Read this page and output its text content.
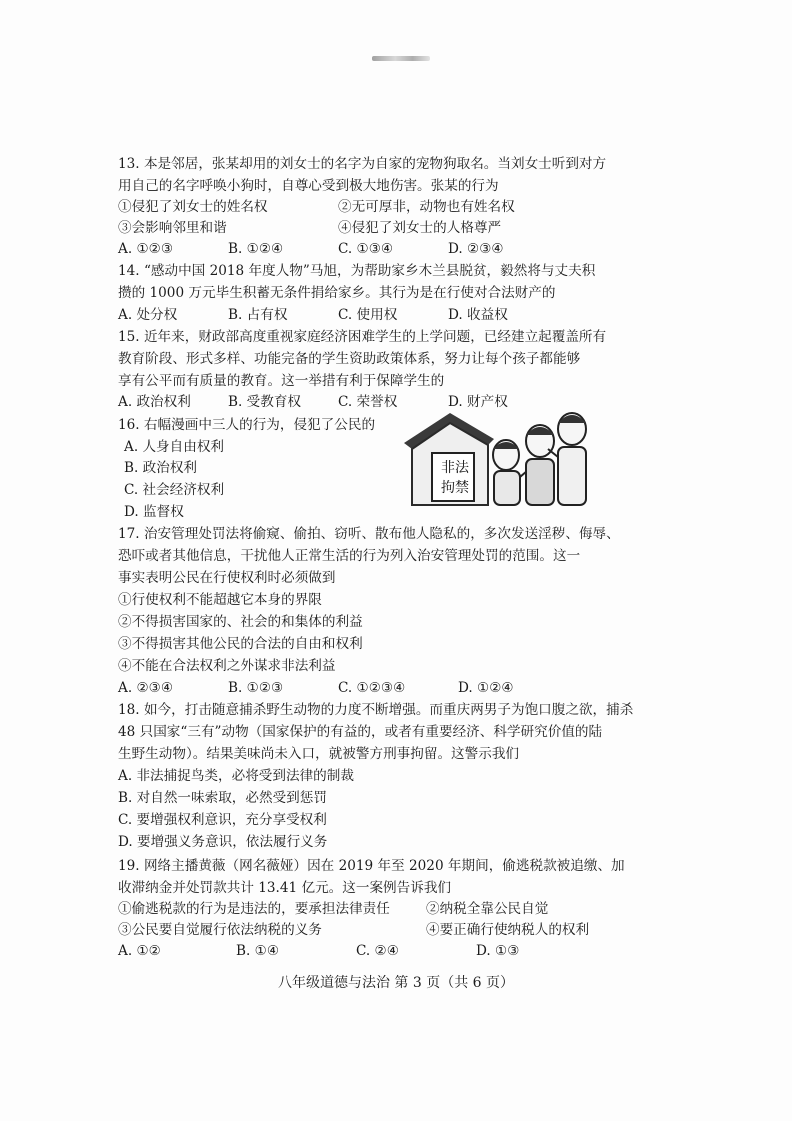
13. 本是邻居，张某却用的刘女士的名字为自家的宠物狗取名。当刘女士听到对方
用自己的名字呼唤小狗时，自尊心受到极大地伤害。张某的行为
①侵犯了刘女士的姓名权	②无可厚非，动物也有姓名权
③会影响邻里和谐	④侵犯了刘女士的人格尊严
A. ①②③	B. ①②④	C. ①③④	D. ②③④
14. “感动中国 2018 年度人物”马旭，为帮助家乡木兰县脱贫，毅然将与丈夫积
攒的 1000 万元毕生积蓄无条件捐给家乡。其行为是在行使对合法财产的
A. 处分权	B. 占有权	C. 使用权	D. 收益权
15. 近年来，财政部高度重视家庭经济困难学生的上学问题，已经建立起覆盖所有
教育阶段、形式多样、功能完备的学生资助政策体系，努力让每个孩子都能够
享有公平而有质量的教育。这一举措有利于保障学生的
A. 政治权利	B. 受教育权	C. 荣誉权	D. 财产权
16. 右幅漫画中三人的行为，侵犯了公民的
A. 人身自由权利
B. 政治权利
C. 社会经济权利
D. 监督权
非法
拘禁
17. 治安管理处罚法将偷窥、偷拍、窃听、散布他人隐私的，多次发送淫秽、侮辱、
恐吓或者其他信息，干扰他人正常生活的行为列入治安管理处罚的范围。这一
事实表明公民在行使权利时必须做到
①行使权利不能超越它本身的界限
②不得损害国家的、社会的和集体的利益
③不得损害其他公民的合法的自由和权利
④不能在合法权利之外谋求非法利益
A. ②③④	B. ①②③	C. ①②③④	D. ①②④
18. 如今，打击随意捕杀野生动物的力度不断增强。而重庆两男子为饱口腹之欲，捕杀
48 只国家“三有”动物（国家保护的有益的，或者有重要经济、科学研究价值的陆
生野生动物）。结果美味尚未入口，就被警方刑事拘留。这警示我们
A. 非法捕捉鸟类，必将受到法律的制裁
B. 对自然一味索取，必然受到惩罚
C. 要增强权利意识，充分享受权利
D. 要增强义务意识，依法履行义务
19. 网络主播黄薇（网名薇娅）因在 2019 年至 2020 年期间，偷逃税款被追缴、加
收滞纳金并处罚款共计 13.41 亿元。这一案例告诉我们
①偷逃税款的行为是违法的，要承担法律责任	②纳税全靠公民自觉
③公民要自觉履行依法纳税的义务	④要正确行使纳税人的权利
A. ①②	B. ①④	C. ②④	D. ①③
八年级道德与法治 第 3 页（共 6 页）
